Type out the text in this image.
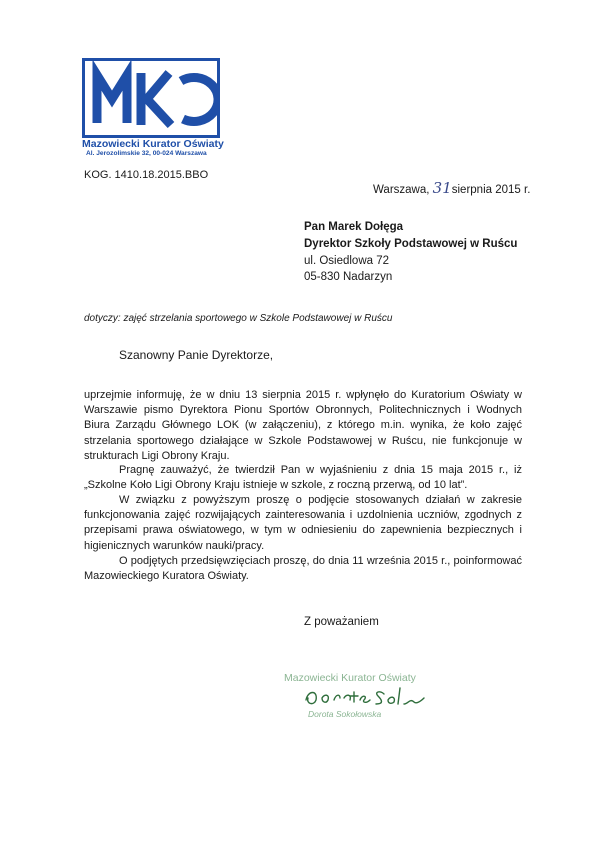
Mazowiecki Kurator Oświaty
Al. Jerozolimskie 32, 00-024 Warszawa
KOG. 1410.18.2015.BBO
Warszawa, 31sierpnia 2015 r.
Pan Marek Dołęga
Dyrektor Szkoły Podstawowej w Ruścu
ul. Osiedlowa 72
05-830 Nadarzyn
dotyczy: zajęć strzelania sportowego w Szkole Podstawowej w Ruścu
Szanowny Panie Dyrektorze,
uprzejmie informuję, że w dniu 13 sierpnia 2015 r. wpłynęło do Kuratorium Oświaty w Warszawie pismo Dyrektora Pionu Sportów Obronnych, Politechnicznych i Wodnych Biura Zarządu Głównego LOK (w załączeniu), z którego m.in. wynika, że koło zajęć strzelania sportowego działające w Szkole Podstawowej w Ruścu, nie funkcjonuje w strukturach Ligi Obrony Kraju.
Pragnę zauważyć, że twierdził Pan w wyjaśnieniu z dnia 15 maja 2015 r., iż „Szkolne Koło Ligi Obrony Kraju istnieje w szkole, z roczną przerwą, od 10 lat”.
W związku z powyższym proszę o podjęcie stosowanych działań w zakresie funkcjonowania zajęć rozwijających zainteresowania i uzdolnienia uczniów, zgodnych z przepisami prawa oświatowego, w tym w odniesieniu do zapewnienia bezpiecznych i higienicznych warunków nauki/pracy.
O podjętych przedsięwzięciach proszę, do dnia 11 września 2015 r., poinformować Mazowieckiego Kuratora Oświaty.
Z poważaniem
Mazowiecki Kurator Oświaty
Dorota Sokołowska
